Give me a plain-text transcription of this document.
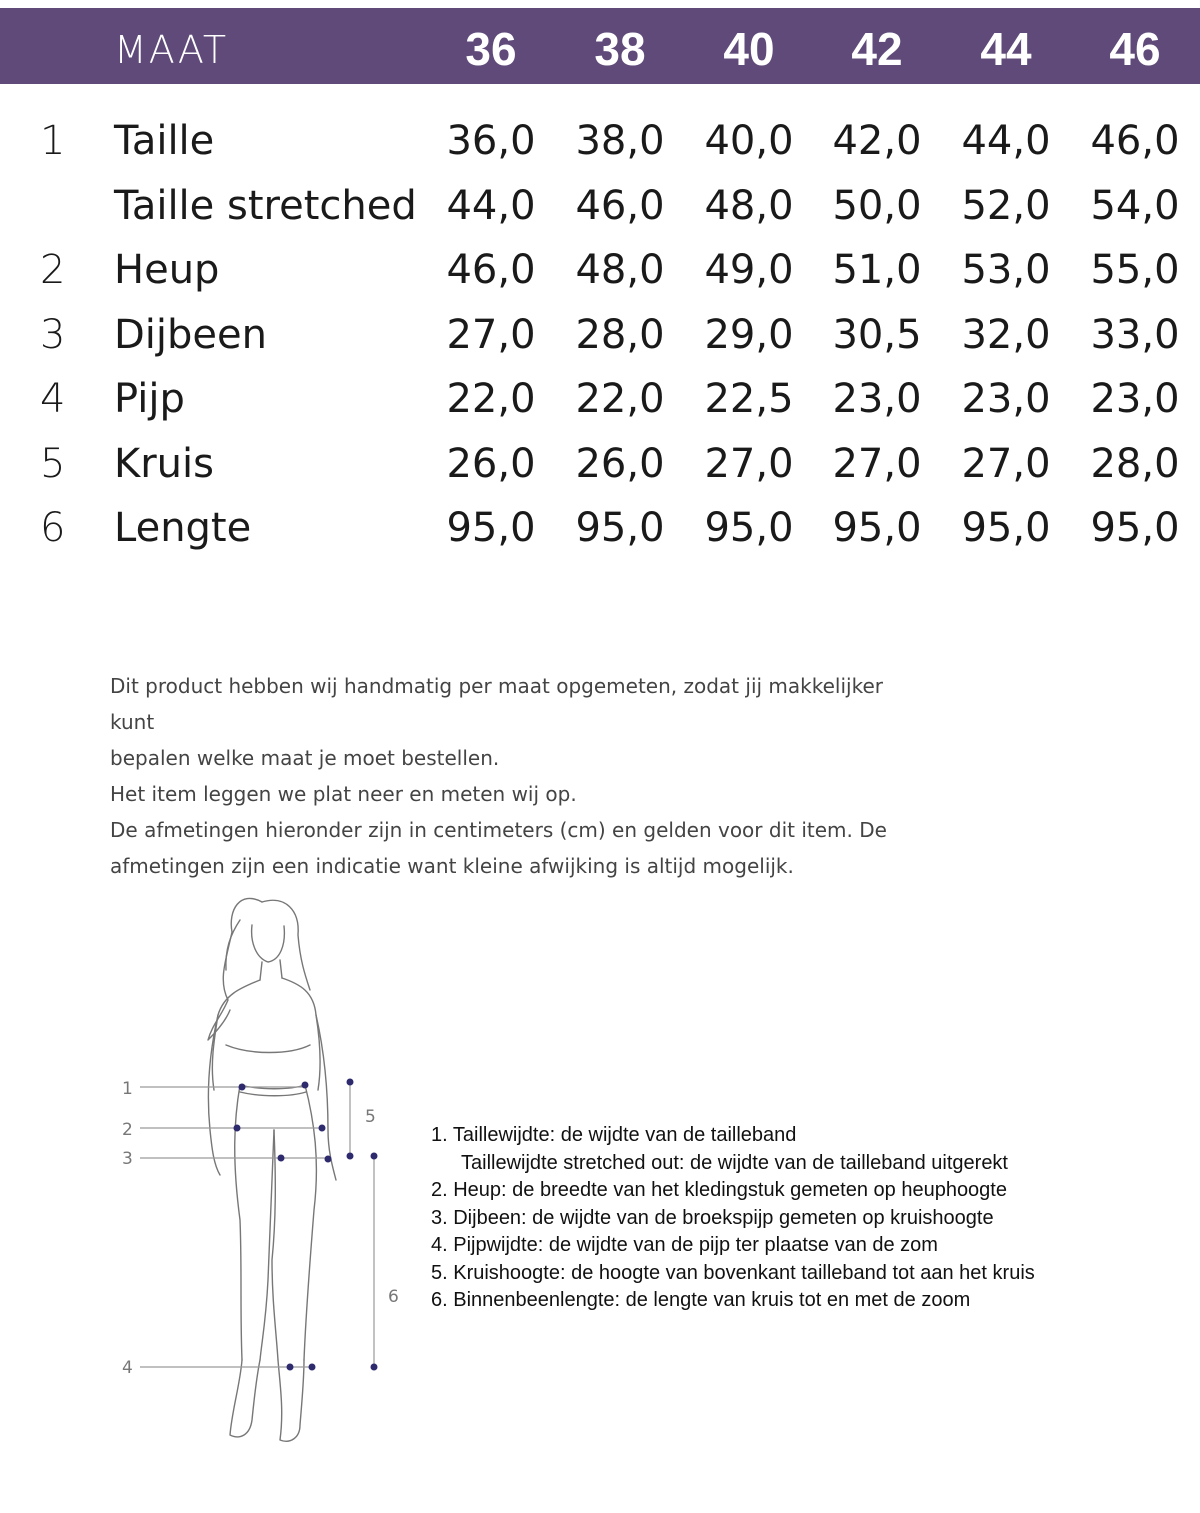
MAAT	36	38	40	42	44	46
1 Taille	36,0 38,0 40,0 42,0 44,0 46,0
Taille stretched 44,0 46,0 48,0 50,0 52,0 54,0
2 Heup	46,0 48,0 49,0 51,0 53,0 55,0
3 Dijbeen	27,0 28,0 29,0 30,5 32,0 33,0
4 Pijp	22,0 22,0 22,5 23,0 23,0 23,0
5 Kruis	26,0 26,0 27,0 27,0 27,0 28,0
6 Lengte	95,0 95,0 95,0 95,0 95,0 95,0

Dit product hebben wij handmatig per maat opgemeten, zodat jij makkelijker kunt

bepalen welke maat je moet bestellen.

Het item leggen we plat neer en meten wij op.

De afmetingen hieronder zijn in centimeters (cm) en gelden voor dit item. De

afmetingen zijn een indicatie want kleine afwijking is altijd mogelijk.

1
2
3
4
5
6

1. Taillewijdte: de wijdte van de tailleband

Taillewijdte stretched out: de wijdte van de tailleband uitgerekt

2. Heup: de breedte van het kledingstuk gemeten op heuphoogte

3. Dijbeen: de wijdte van de broekspijp gemeten op kruishoogte

4. Pijpwijdte: de wijdte van de pijp ter plaatse van de zom

5. Kruishoogte: de hoogte van bovenkant tailleband tot aan het kruis

6. Binnenbeenlengte: de lengte van kruis tot en met de zoom
